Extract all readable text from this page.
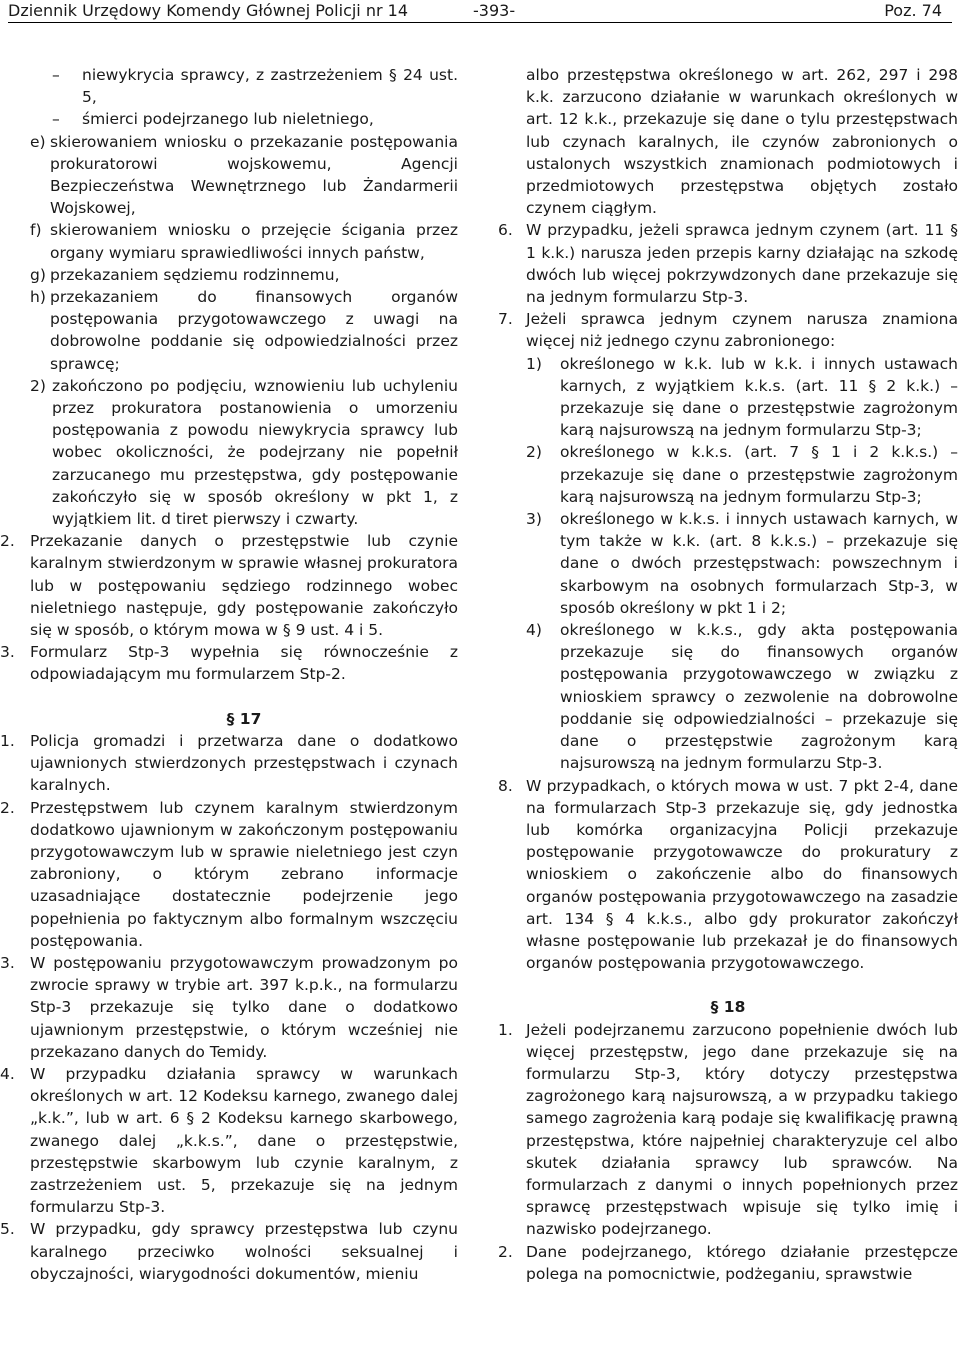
Dziennik Urzędowy Komendy Głównej Policji nr 14	-393-	Poz. 74
– niewykrycia sprawcy, z zastrzeżeniem § 24 ust. 5,
– śmierci podejrzanego lub nieletniego,
e) skierowaniem wniosku o przekazanie postępowania prokuratorowi wojskowemu, Agencji Bezpieczeństwa Wewnętrznego lub Żandarmerii Wojskowej,
f) skierowaniem wniosku o przejęcie ścigania przez organy wymiaru sprawiedliwości innych państw,
g) przekazaniem sędziemu rodzinnemu,
h) przekazaniem do finansowych organów postępowania przygotowawczego z uwagi na dobrowolne poddanie się odpowiedzialności przez sprawcę;
2) zakończono po podjęciu, wznowieniu lub uchyleniu przez prokuratora postanowienia o umorzeniu postępowania z powodu niewykrycia sprawcy lub wobec okoliczności, że podejrzany nie popełnił zarzucanego mu przestępstwa, gdy postępowanie zakończyło się w sposób określony w pkt 1, z wyjątkiem lit. d tiret pierwszy i czwarty.
2. Przekazanie danych o przestępstwie lub czynie karalnym stwierdzonym w sprawie własnej prokuratora lub w postępowaniu sędziego rodzinnego wobec nieletniego następuje, gdy postępowanie zakończyło się w sposób, o którym mowa w § 9 ust. 4 i 5.
3. Formularz Stp-3 wypełnia się równocześnie z odpowiadającym mu formularzem Stp-2.
§ 17
1. Policja gromadzi i przetwarza dane o dodatkowo ujawnionych stwierdzonych przestępstwach i czynach karalnych.
2. Przestępstwem lub czynem karalnym stwierdzonym dodatkowo ujawnionym w zakończonym postępowaniu przygotowawczym lub w sprawie nieletniego jest czyn zabroniony, o którym zebrano informacje uzasadniające dostatecznie podejrzenie jego popełnienia po faktycznym albo formalnym wszczęciu postępowania.
3. W postępowaniu przygotowawczym prowadzonym po zwrocie sprawy w trybie art. 397 k.p.k., na formularzu Stp-3 przekazuje się tylko dane o dodatkowo ujawnionym przestępstwie, o którym wcześniej nie przekazano danych do Temidy.
4. W przypadku działania sprawcy w warunkach określonych w art. 12 Kodeksu karnego, zwanego dalej „k.k.”, lub w art. 6 § 2 Kodeksu karnego skarbowego, zwanego dalej „k.k.s.”, dane o przestępstwie, przestępstwie skarbowym lub czynie karalnym, z zastrzeżeniem ust. 5, przekazuje się na jednym formularzu Stp-3.
5. W przypadku, gdy sprawcy przestępstwa lub czynu karalnego przeciwko wolności seksualnej i obyczajności, wiarygodności dokumentów, mieniu
albo przestępstwa określonego w art. 262, 297 i 298 k.k. zarzucono działanie w warunkach określonych w art. 12 k.k., przekazuje się dane o tylu przestępstwach lub czynach karalnych, ile czynów zabronionych o ustalonych wszystkich znamionach podmiotowych i przedmiotowych przestępstwa objętych zostało czynem ciągłym.
6. W przypadku, jeżeli sprawca jednym czynem (art. 11 § 1 k.k.) narusza jeden przepis karny działając na szkodę dwóch lub więcej pokrzywdzonych dane przekazuje się na jednym formularzu Stp-3.
7. Jeżeli sprawca jednym czynem narusza znamiona więcej niż jednego czynu zabronionego:
1) określonego w k.k. lub w k.k. i innych ustawach karnych, z wyjątkiem k.k.s. (art. 11 § 2 k.k.) – przekazuje się dane o przestępstwie zagrożonym karą najsurowszą na jednym formularzu Stp-3;
2) określonego w k.k.s. (art. 7 § 1 i 2 k.k.s.) – przekazuje się dane o przestępstwie zagrożonym karą najsurowszą na jednym formularzu Stp-3;
3) określonego w k.k.s. i innych ustawach karnych, w tym także w k.k. (art. 8 k.k.s.) – przekazuje się dane o dwóch przestępstwach: powszechnym i skarbowym na osobnych formularzach Stp-3, w sposób określony w pkt 1 i 2;
4) określonego w k.k.s., gdy akta postępowania przekazuje się do finansowych organów postępowania przygotowawczego w związku z wnioskiem sprawcy o zezwolenie na dobrowolne poddanie się odpowiedzialności – przekazuje się dane o przestępstwie zagrożonym karą najsurowszą na jednym formularzu Stp-3.
8. W przypadkach, o których mowa w ust. 7 pkt 2-4, dane na formularzach Stp-3 przekazuje się, gdy jednostka lub komórka organizacyjna Policji przekazuje postępowanie przygotowawcze do prokuratury z wnioskiem o zakończenie albo do finansowych organów postępowania przygotowawczego na zasadzie art. 134 § 4 k.k.s., albo gdy prokurator zakończył własne postępowanie lub przekazał je do finansowych organów postępowania przygotowawczego.
§ 18
1. Jeżeli podejrzanemu zarzucono popełnienie dwóch lub więcej przestępstw, jego dane przekazuje się na formularzu Stp-3, który dotyczy przestępstwa zagrożonego karą najsurowszą, a w przypadku takiego samego zagrożenia karą podaje się kwalifikację prawną przestępstwa, które najpełniej charakteryzuje cel albo skutek działania sprawcy lub sprawców. Na formularzach z danymi o innych popełnionych przez sprawcę przestępstwach wpisuje się tylko imię i nazwisko podejrzanego.
2. Dane podejrzanego, którego działanie przestępcze polega na pomocnictwie, podżeganiu, sprawstwie
